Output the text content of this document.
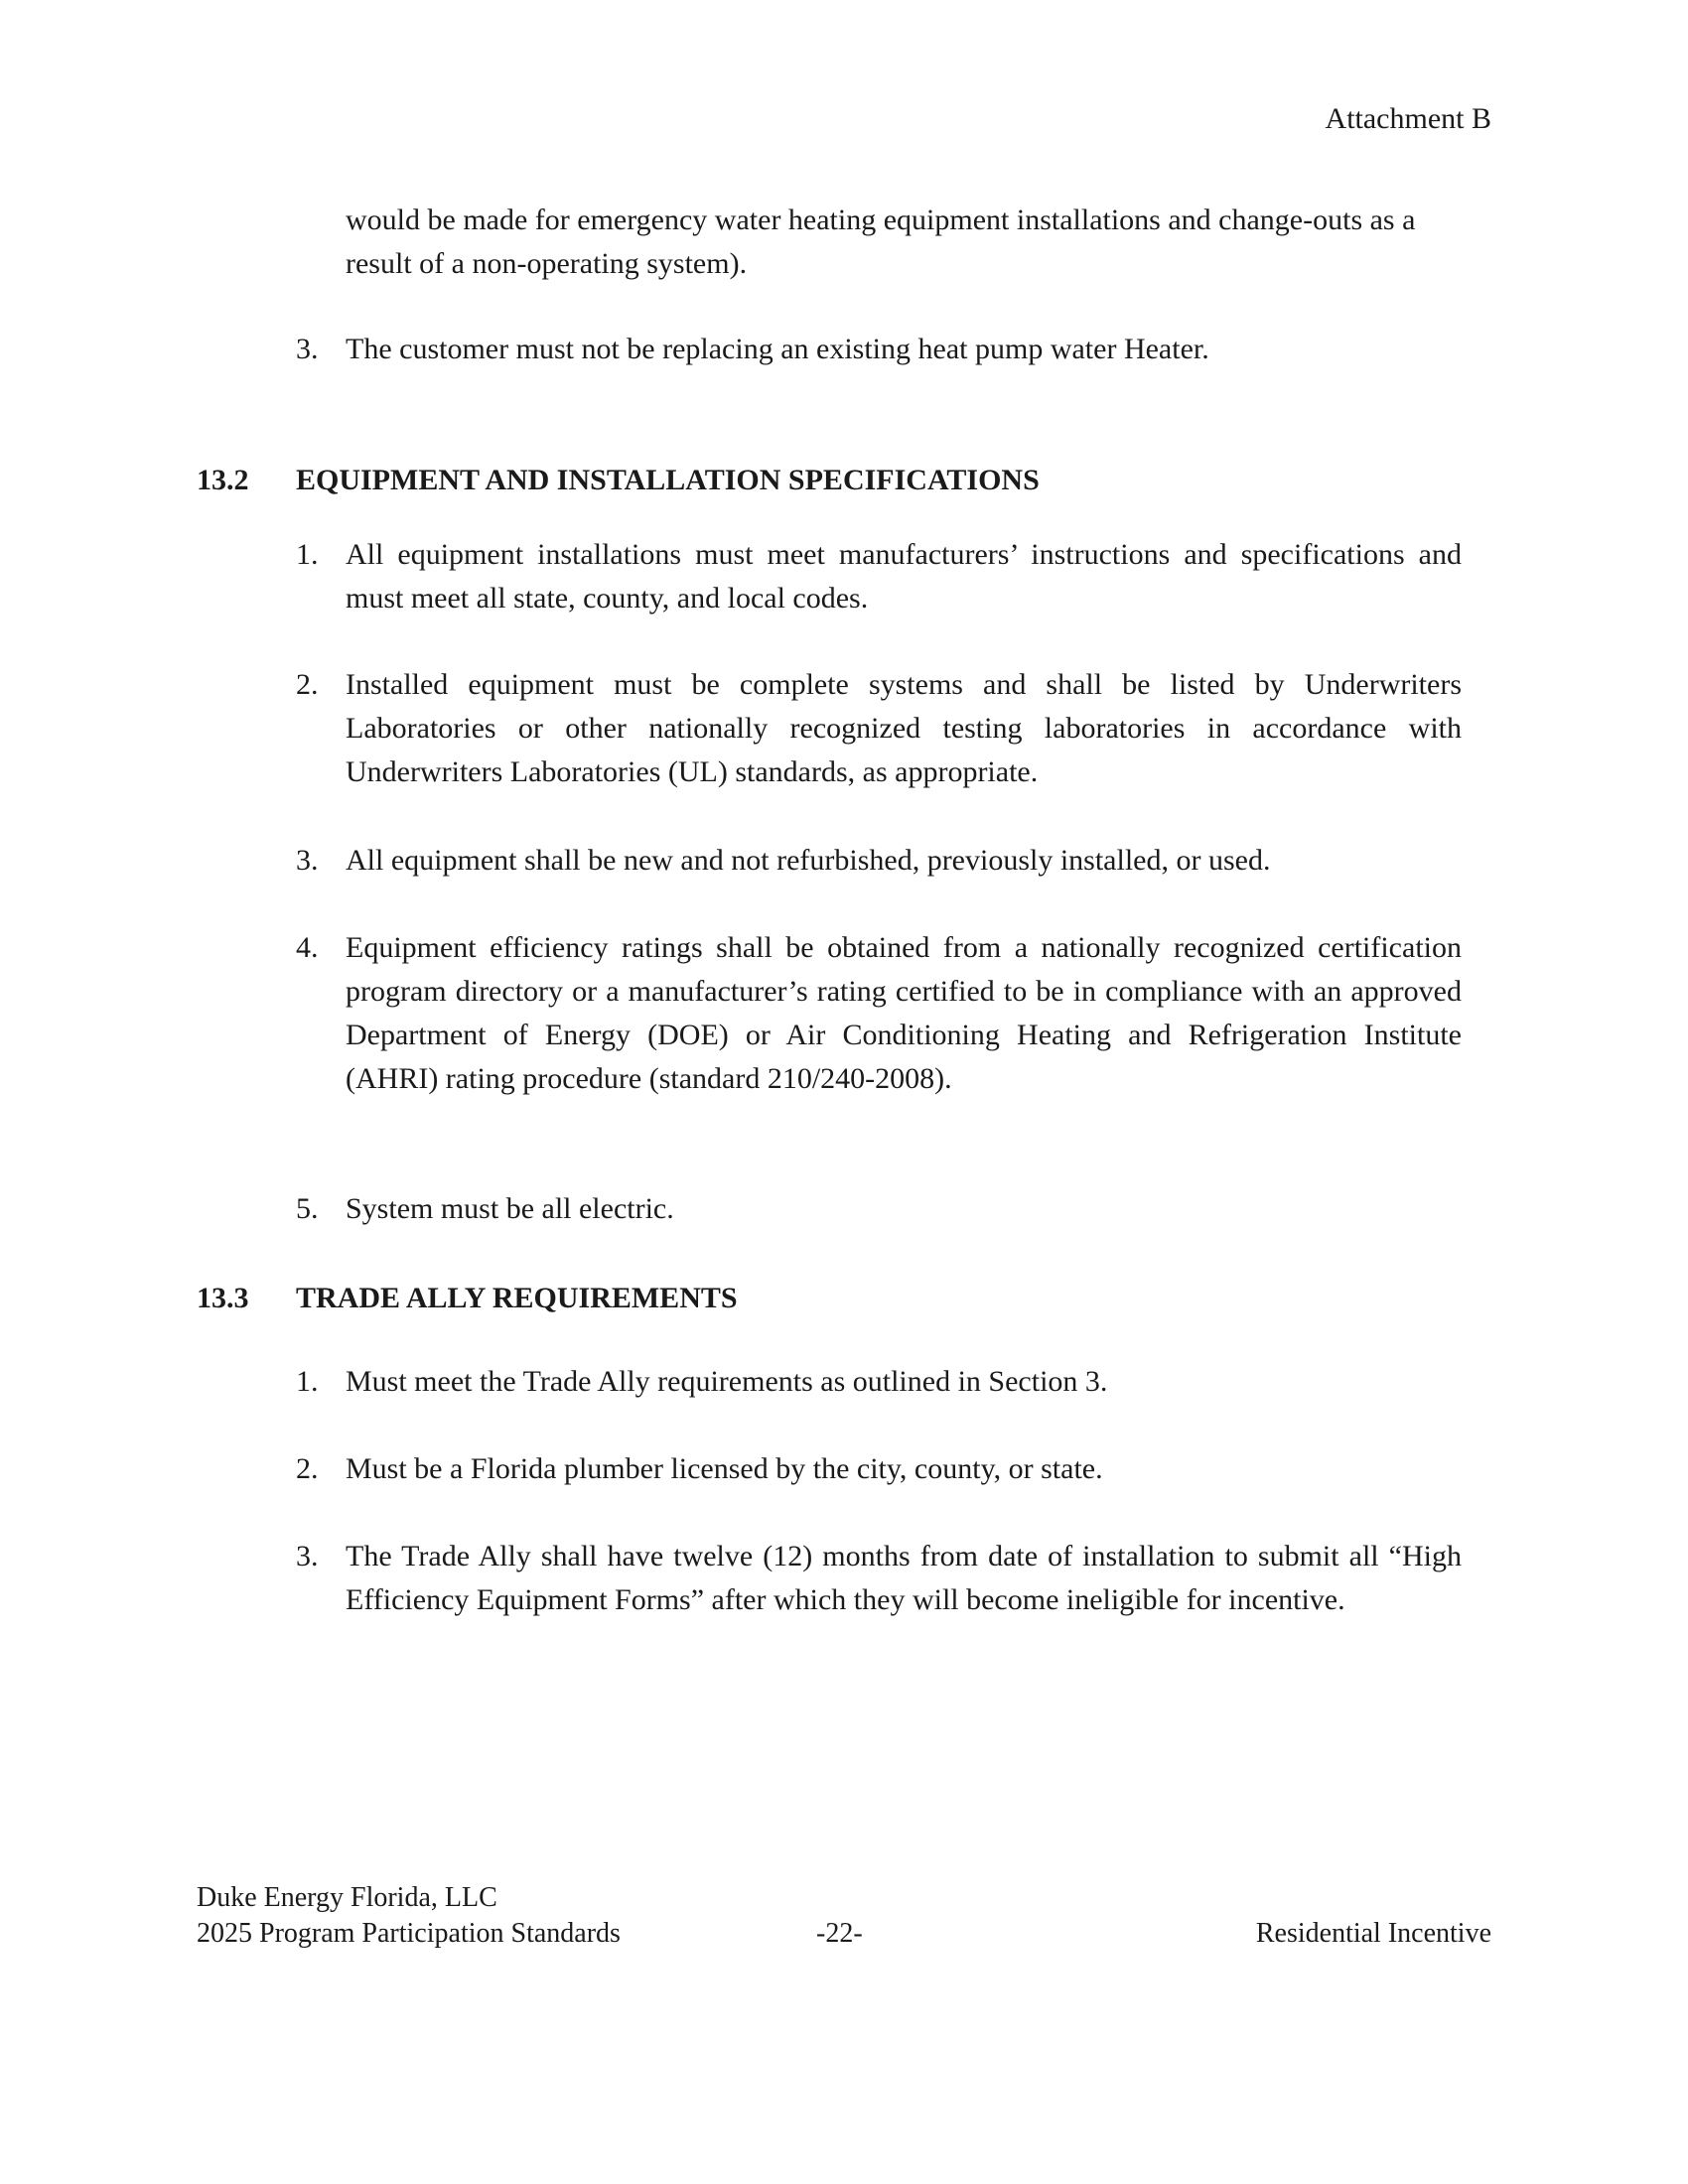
Attachment B
would be made for emergency water heating equipment installations and change-outs as a result of a non-operating system).
3. The customer must not be replacing an existing heat pump water Heater.
13.2 EQUIPMENT AND INSTALLATION SPECIFICATIONS
1. All equipment installations must meet manufacturers’ instructions and specifications and must meet all state, county, and local codes.
2. Installed equipment must be complete systems and shall be listed by Underwriters Laboratories or other nationally recognized testing laboratories in accordance with Underwriters Laboratories (UL) standards, as appropriate.
3. All equipment shall be new and not refurbished, previously installed, or used.
4. Equipment efficiency ratings shall be obtained from a nationally recognized certification program directory or a manufacturer’s rating certified to be in compliance with an approved Department of Energy (DOE) or Air Conditioning Heating and Refrigeration Institute (AHRI) rating procedure (standard 210/240-2008).
5. System must be all electric.
13.3 TRADE ALLY REQUIREMENTS
1. Must meet the Trade Ally requirements as outlined in Section 3.
2. Must be a Florida plumber licensed by the city, county, or state.
3. The Trade Ally shall have twelve (12) months from date of installation to submit all “High Efficiency Equipment Forms” after which they will become ineligible for incentive.
Duke Energy Florida, LLC
2025 Program Participation Standards	-22-	Residential Incentive
